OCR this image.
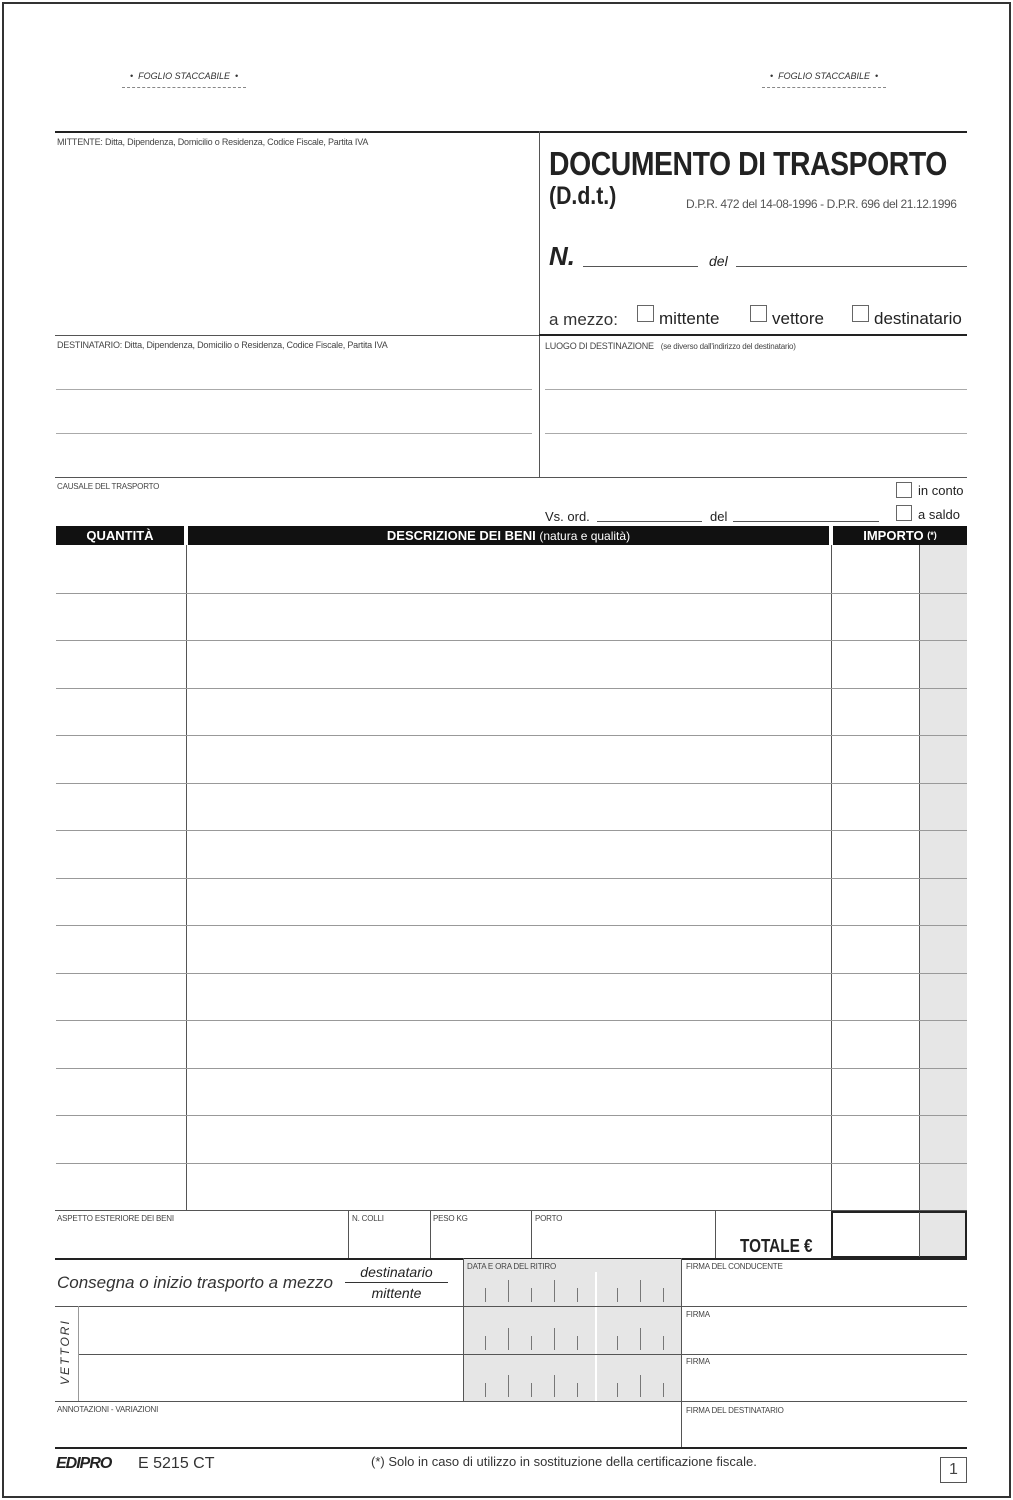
•  FOGLIO STACCABILE  •	•  FOGLIO STACCABILE  •
MITTENTE: Ditta, Dipendenza, Domicilio o Residenza, Codice Fiscale, Partita IVA
DOCUMENTO DI TRASPORTO
(D.d.t.)	D.P.R. 472 del 14-08-1996 - D.P.R. 696 del 21.12.1996
N.	del
a mezzo: mittente	vettore	destinatario
DESTINATARIO: Ditta, Dipendenza, Domicilio o Residenza, Codice Fiscale, Partita IVA	LUOGO DI DESTINAZIONE (se diverso dall'indirizzo del destinatario)
CAUSALE DEL TRASPORTO
Vs. ord.	del
in conto
a saldo
QUANTITÀ	DESCRIZIONE DEI BENI (natura e qualità)	IMPORTO (*)
ASPETTO ESTERIORE DEI BENI	N. COLLI	PESO KG	PORTO
TOTALE €
Consegna o inizio trasporto a mezzo
destinatario
mittente
DATA E ORA DEL RITIRO	FIRMA DEL CONDUCENTE
FIRMA
FIRMA
VETTORI
ANNOTAZIONI - VARIAZIONI	FIRMA DEL DESTINATARIO
EDIPRO E 5215 CT	(*) Solo in caso di utilizzo in sostituzione della certificazione fiscale.	1
